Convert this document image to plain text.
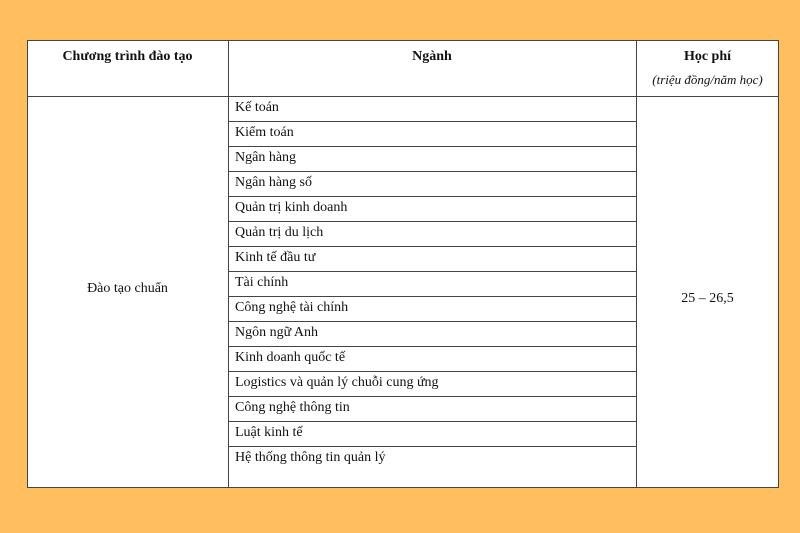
Chương trình đào tạo	Ngành	Học phí
(triệu đồng/năm học)
Đào tạo chuẩn
25 – 26,5
Kế toán
Kiểm toán
Ngân hàng
Ngân hàng số
Quản trị kinh doanh
Quản trị du lịch
Kinh tế đầu tư
Tài chính
Công nghệ tài chính
Ngôn ngữ Anh
Kinh doanh quốc tế
Logistics và quản lý chuỗi cung ứng
Công nghệ thông tin
Luật kinh tế
Hệ thống thông tin quản lý
